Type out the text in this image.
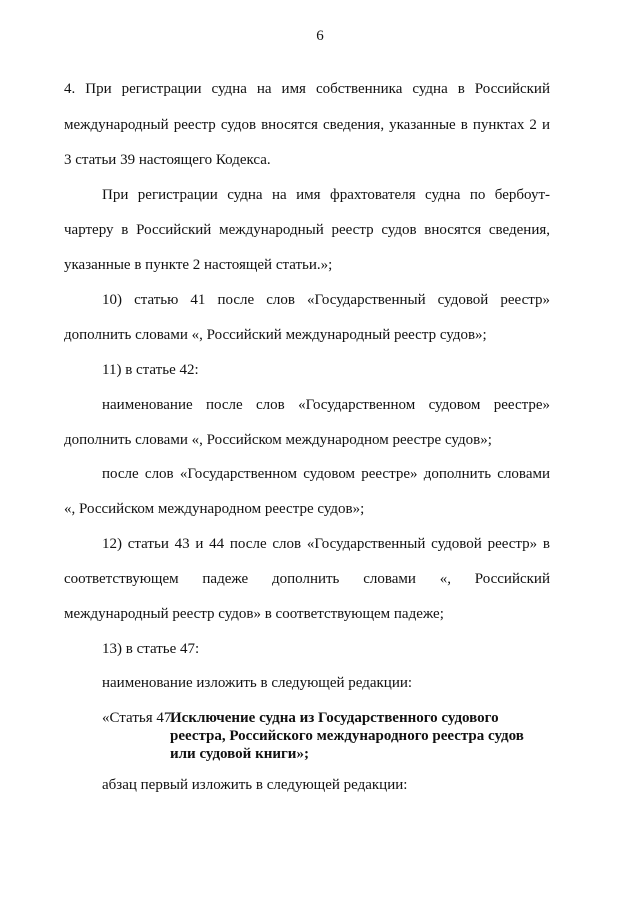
6
4. При регистрации судна на имя собственника судна в Российский
международный реестр судов вносятся сведения, указанные в пунктах 2 и
3 статьи 39 настоящего Кодекса.
При регистрации судна на имя фрахтователя судна по бербоут-
чартеру в Российский международный реестр судов вносятся сведения,
указанные в пункте 2 настоящей статьи.»;
10) статью 41 после слов «Государственный судовой реестр»
дополнить словами «, Российский международный реестр судов»;
11) в статье 42:
наименование после слов «Государственном судовом реестре»
дополнить словами «, Российском международном реестре судов»;
после слов «Государственном судовом реестре» дополнить словами
«, Российском международном реестре судов»;
12) статьи 43 и 44 после слов «Государственный судовой реестр» в
соответствующем падеже дополнить словами «, Российский
международный реестр судов» в соответствующем падеже;
13) в статье 47:
наименование изложить в следующей редакции:
«Статья 47.
Исключение судна из Государственного судового
реестра, Российского международного реестра судов
или судовой книги»;
абзац первый изложить в следующей редакции:
